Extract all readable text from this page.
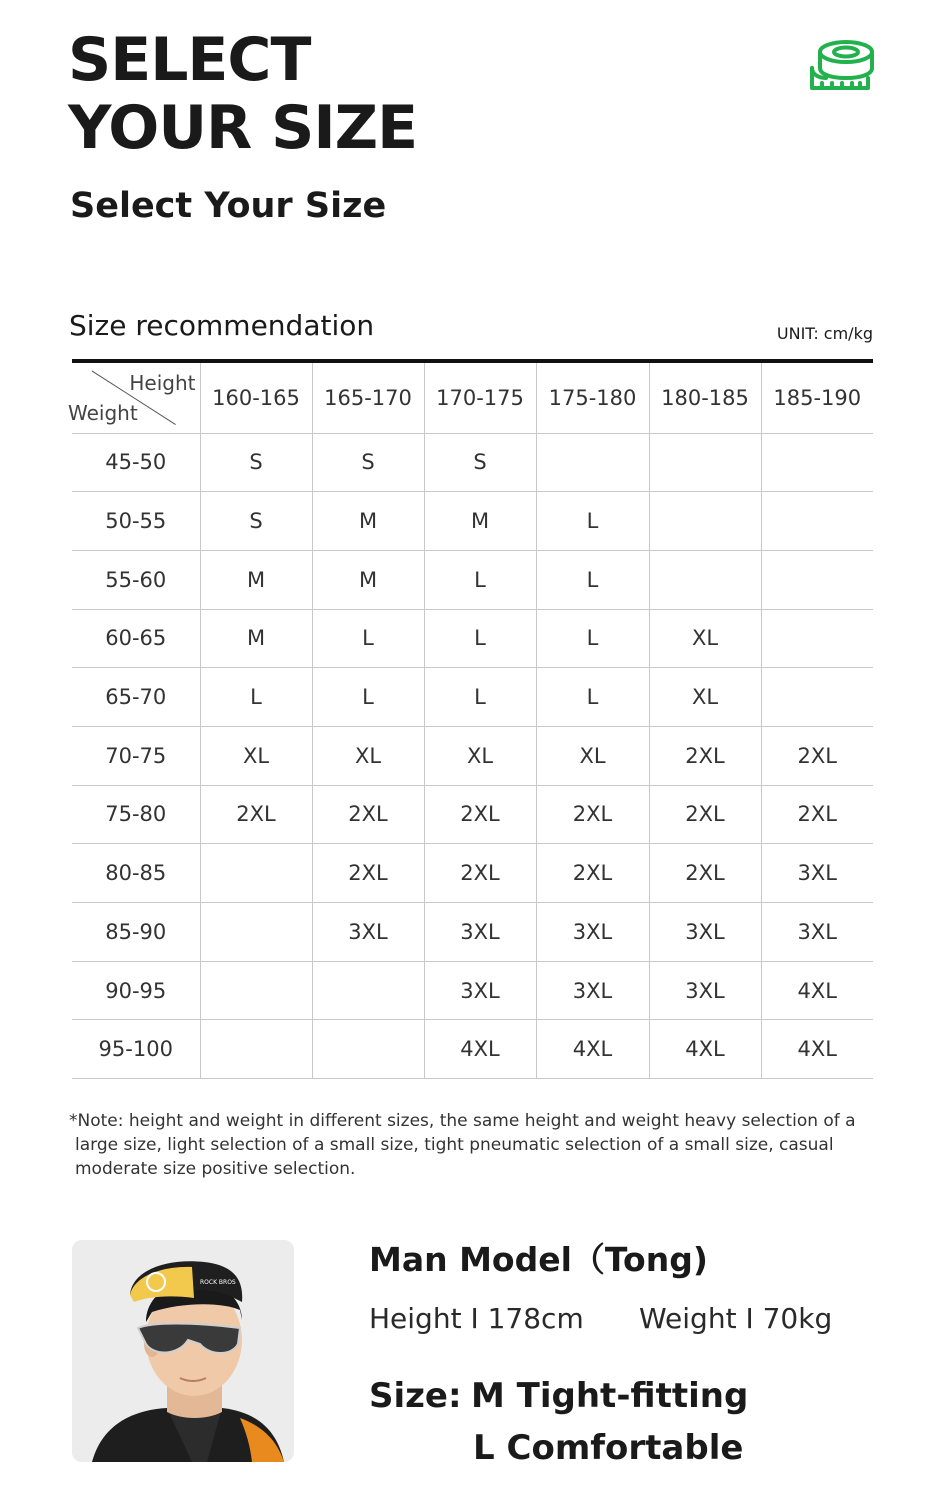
SELECT
YOUR SIZE
Select Your Size
Size recommendation	UNIT: cm/kg
Height
Weight	160-165	165-170	170-175	175-180	180-185	185-190
45-50	S	S	S			
50-55	S	M	M	L		
55-60	M	M	L	L		
60-65	M	L	L	L	XL	
65-70	L	L	L	L	XL	
70-75	XL	XL	XL	XL	2XL	2XL
75-80	2XL	2XL	2XL	2XL	2XL	2XL
80-85		2XL	2XL	2XL	2XL	3XL
85-90		3XL	3XL	3XL	3XL	3XL
90-95			3XL	3XL	3XL	4XL
95-100			4XL	4XL	4XL	4XL

*Note: height and weight in different sizes, the same height and weight heavy selection of a
large size, light selection of a small size, tight pneumatic selection of a small size, casual
moderate size positive selection.

ROCK BROS
Man Model（Tong)
Height I 178cm Weight I 70kg
Size: M Tight-fitting
L Comfortable
